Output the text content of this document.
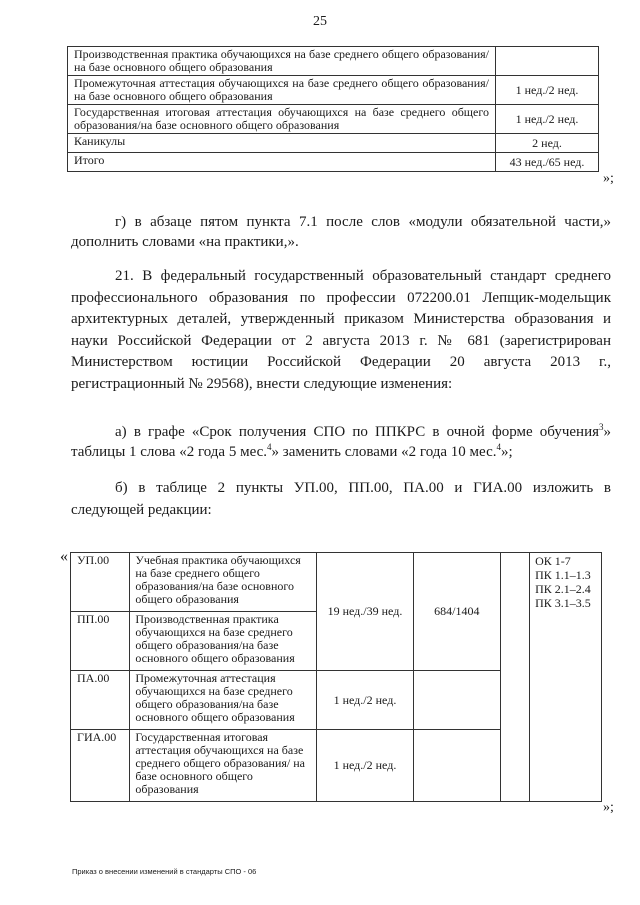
25
Производственная практика обучающихся на базе среднего общего образования/на базе основного общего образования	
Промежуточная аттестация обучающихся на базе среднего общего образования/на базе основного общего образования	1 нед./2 нед.
Государственная итоговая аттестация обучающихся на базе среднего общего образования/на базе основного общего образования	1 нед./2 нед.
Каникулы	2 нед.
Итого	43 нед./65 нед.
»;
г) в абзаце пятом пункта 7.1 после слов «модули обязательной части,» дополнить словами «на практики,».
21. В федеральный государственный образовательный стандарт среднего профессионального образования по профессии 072200.01 Лепщик-модельщик архитектурных деталей, утвержденный приказом Министерства образования и науки Российской Федерации от 2 августа 2013 г. № 681 (зарегистрирован Министерством юстиции Российской Федерации 20 августа 2013 г., регистрационный № 29568), внести следующие изменения:
а) в графе «Срок получения СПО по ППКРС в очной форме обучения$^3$» таблицы 1 слова «2 года 5 мес.$^4$» заменить словами «2 года 10 мес.$^4$»;
б) в таблице 2 пункты УП.00, ПП.00, ПА.00 и ГИА.00 изложить в следующей редакции:
« УП.00	Учебная практика обучающихся на базе среднего общего образования/на базе основного общего образования	19 нед./39 нед.	684/1404		ОК 1-7
ПК 1.1–1.3
ПК 2.1–2.4
ПК 3.1–3.5

ПП.00	Производственная практика обучающихся на базе среднего общего образования/на базе основного общего образования				
ПА.00	Промежуточная аттестация обучающихся на базе среднего общего образования/на базе основного общего образования	1 нед./2 нед.			
ГИА.00	Государственная итоговая аттестация обучающихся на базе среднего общего образования/ на базе основного общего образования	1 нед./2 нед.			
»;
Приказ о внесении изменений в стандарты СПО - 06
